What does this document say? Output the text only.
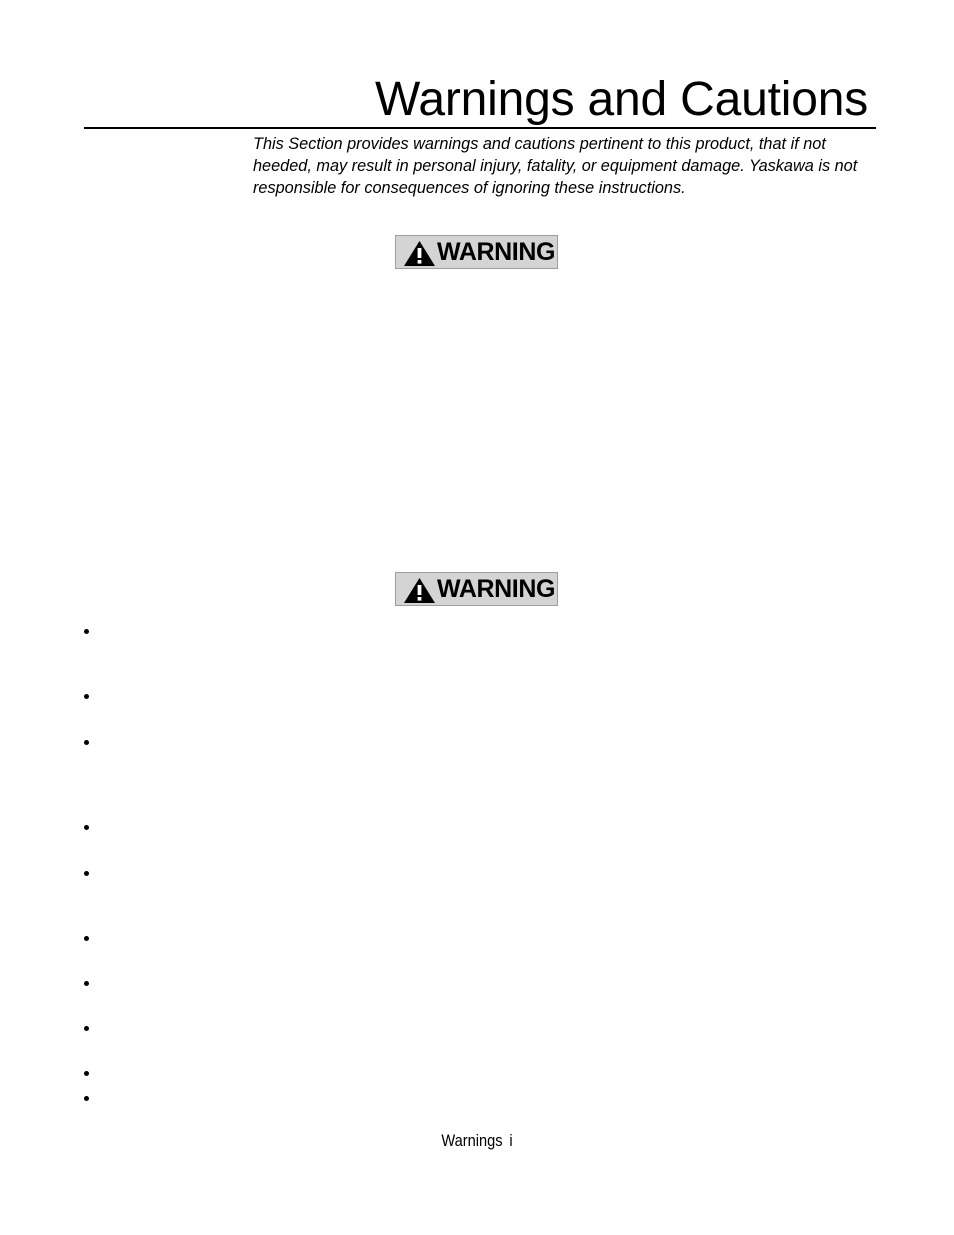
Warnings and Cautions

This Section provides warnings and cautions pertinent to this product, that if not heeded, may result in personal injury, fatality, or equipment damage. Yaskawa is not responsible for consequences of ignoring these instructions.

WARNING
WARNING
Warnings i
